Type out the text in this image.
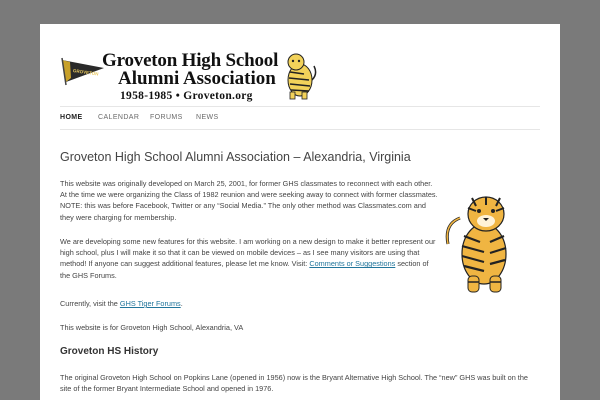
GROVETON
Groveton High School
Alumni Association
1958-1985 • Groveton.org
HOME CALENDAR FORUMS NEWS
Groveton High School Alumni Association – Alexandria, Virginia
This website was originally developed on March 25, 2001, for former GHS classmates to reconnect with each other. At the time we were organizing the Class of 1982 reunion and were seeking away to connect with former classmates. NOTE: this was before Facebook, Twitter or any “Social Media.” The only other method was Classmates.com and they were charging for membership.
We are developing some new features for this website. I am working on a new design to make it better represent our high school, plus I will make it so that it can be viewed on mobile devices – as I see many visitors are using that method! If anyone can suggest additional features, please let me know. Visit: Comments or Suggestions section of the GHS Forums.
Currently, visit the GHS Tiger Forums.
This website is for Groveton High School, Alexandria, VA
Groveton HS History
The original Groveton High School on Popkins Lane (opened in 1956) now is the Bryant Alternative High School. The “new” GHS was built on the site of the former Bryant Intermediate School and opened in 1976.
